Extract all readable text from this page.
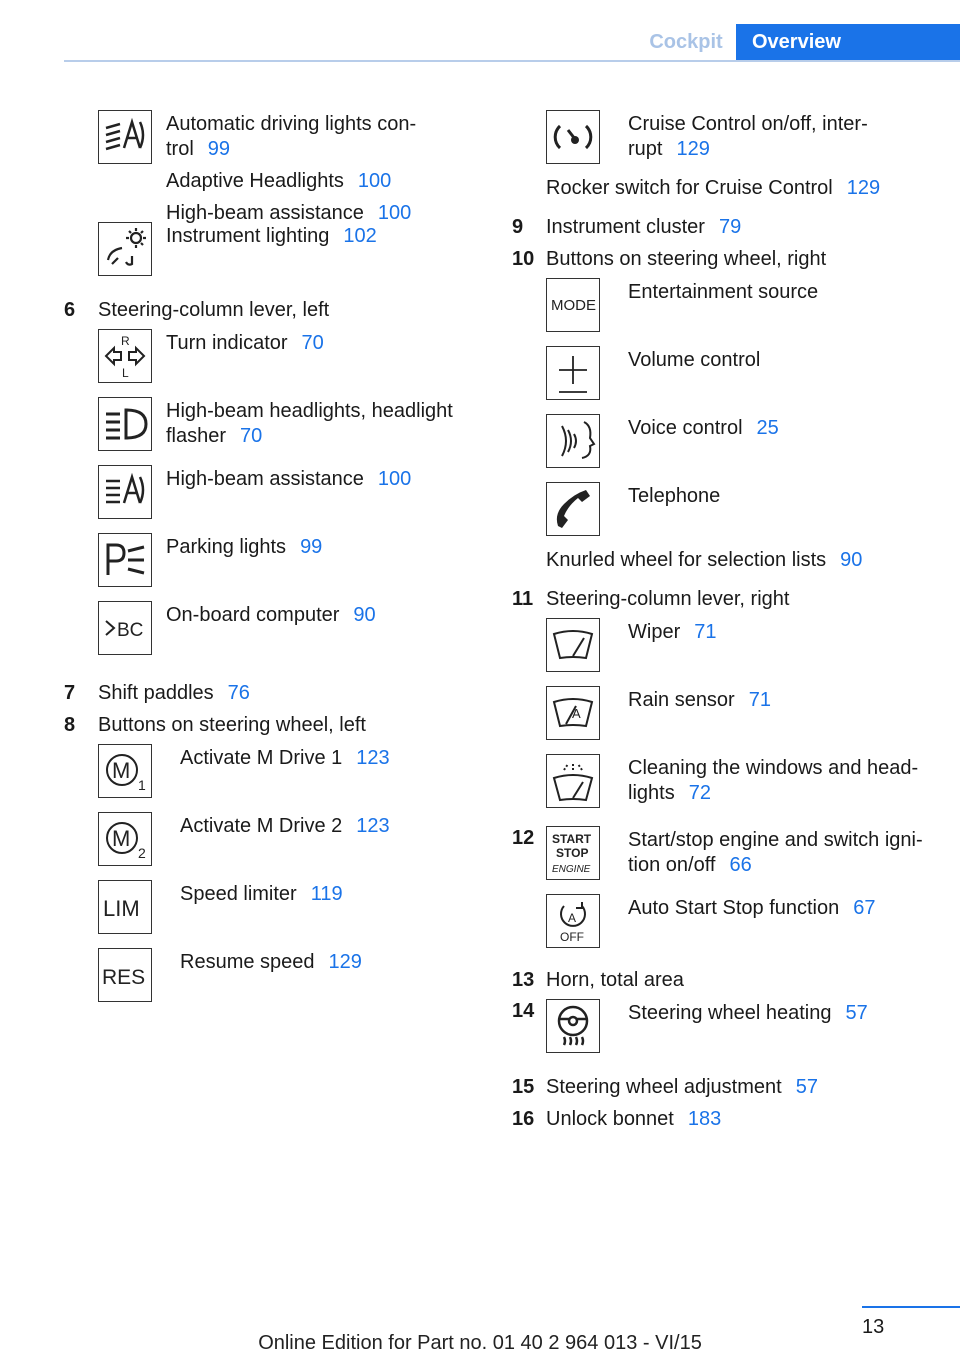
Cockpit	Overview
Automatic driving lights con-
trol 99
Adaptive Headlights 100
High-beam assistance 100
Instrument lighting 102
6	Steering-column lever, left
R
L
Turn indicator 70
High-beam headlights, headlight
flasher 70
High-beam assistance 100
Parking lights 99
BC
On-board computer 90
7	Shift paddles 76
8	Buttons on steering wheel, left
M
1
Activate M Drive 1 123
M
2
Activate M Drive 2 123
LIM
Speed limiter 119
RES
Resume speed 129
Cruise Control on/off, inter-
rupt 129
Rocker switch for Cruise Control 129
9	Instrument cluster 79
10 Buttons on steering wheel, right
MODE
Entertainment source
Volume control
Voice control 25
Telephone
Knurled wheel for selection lists 90
11 Steering-column lever, right
Wiper 71
A
Rain sensor 71
Cleaning the windows and head-
lights 72
12	START
STOP
ENGINE
Start/stop engine and switch igni-
tion on/off 66
A
OFF
Auto Start Stop function 67
13 Horn, total area
14	Steering wheel heating 57
15 Steering wheel adjustment 57
16 Unlock bonnet 183
13
Online Edition for Part no. 01 40 2 964 013 - VI/15
